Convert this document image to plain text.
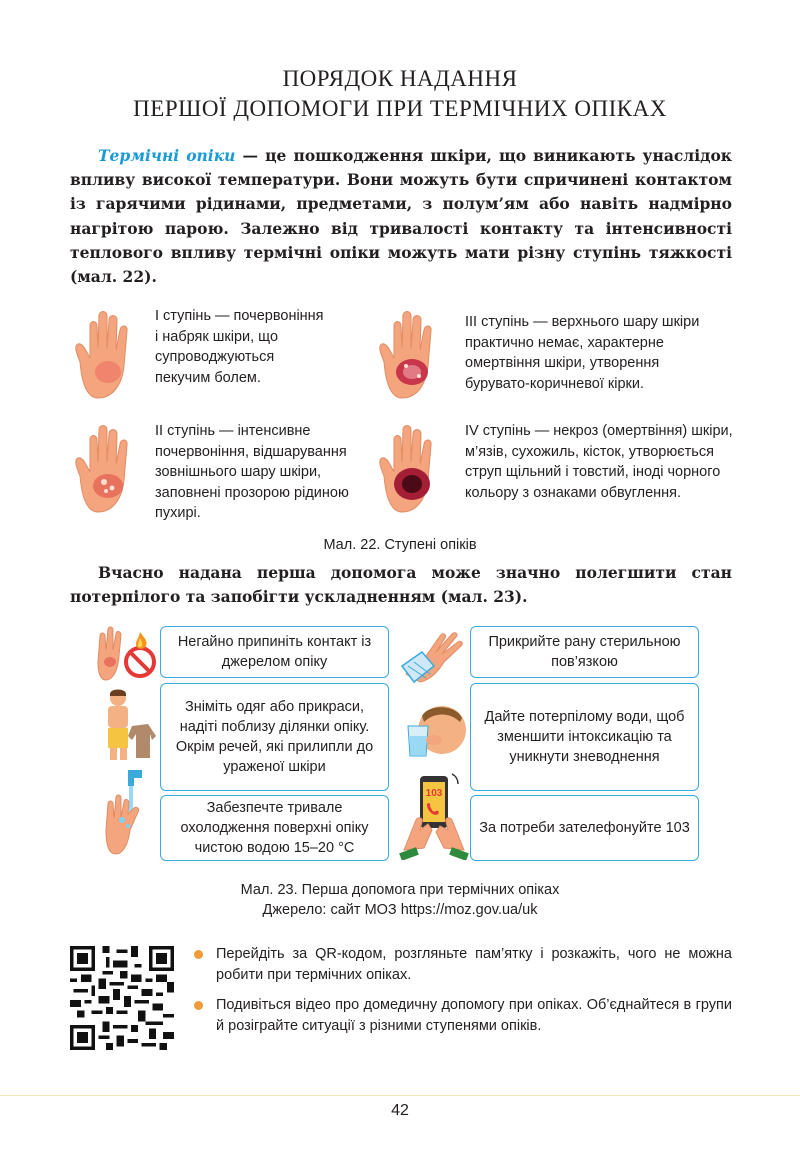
ПОРЯДОК НАДАННЯ
ПЕРШОЇ ДОПОМОГИ ПРИ ТЕРМІЧНИХ ОПІКАХ
Термічні опіки — це пошкодження шкіри, що виникають унаслідок впливу високої температури. Вони можуть бути спричинені контактом із гарячими рідинами, предметами, з полум’ям або навіть надмірно нагрітою парою. Залежно від тривалості контакту та інтенсивності теплового впливу термічні опіки можуть мати різну ступінь тяжкості (мал. 22).
І ступінь — почервоніння і набряк шкіри, що супроводжуються пекучим болем.
ІІ ступінь — інтенсивне почервоніння, відшарування зовнішнього шару шкіри, заповнені прозорою рідиною пухирі.
ІІІ ступінь — верхнього шару шкіри практично немає, характерне омертвіння шкіри, утворення бурувато-коричневої кірки.
IV ступінь — некроз (омертвіння) шкіри, м’язів, сухожиль, кісток, утворюється струп щільний і товстий, іноді чорного кольору з ознаками обвуглення.
Мал. 22. Ступені опіків
Вчасно надана перша допомога може значно полегшити стан потерпілого та запобігти ускладненням (мал. 23).
103
Негайно припиніть контакт із джерелом опіку
Зніміть одяг або прикраси, надіті поблизу ділянки опіку. Окрім речей, які прилипли до ураженої шкіри
Забезпечте тривале охолодження поверхні опіку чистою водою 15–20 °С
Прикрийте рану стерильною пов’язкою
Дайте потерпілому води, щоб зменшити інтоксикацію та уникнути зневоднення
За потреби зателефонуйте 103
Мал. 23. Перша допомога при термічних опіках
Джерело: сайт МОЗ https://moz.gov.ua/uk
Перейдіть за QR-кодом, розгляньте пам’ятку і розкажіть, чого не можна робити при термічних опіках.
Подивіться відео про домедичну допомогу при опіках. Об’єднайтеся в групи й розіграйте ситуації з різними ступенями опіків.
42
